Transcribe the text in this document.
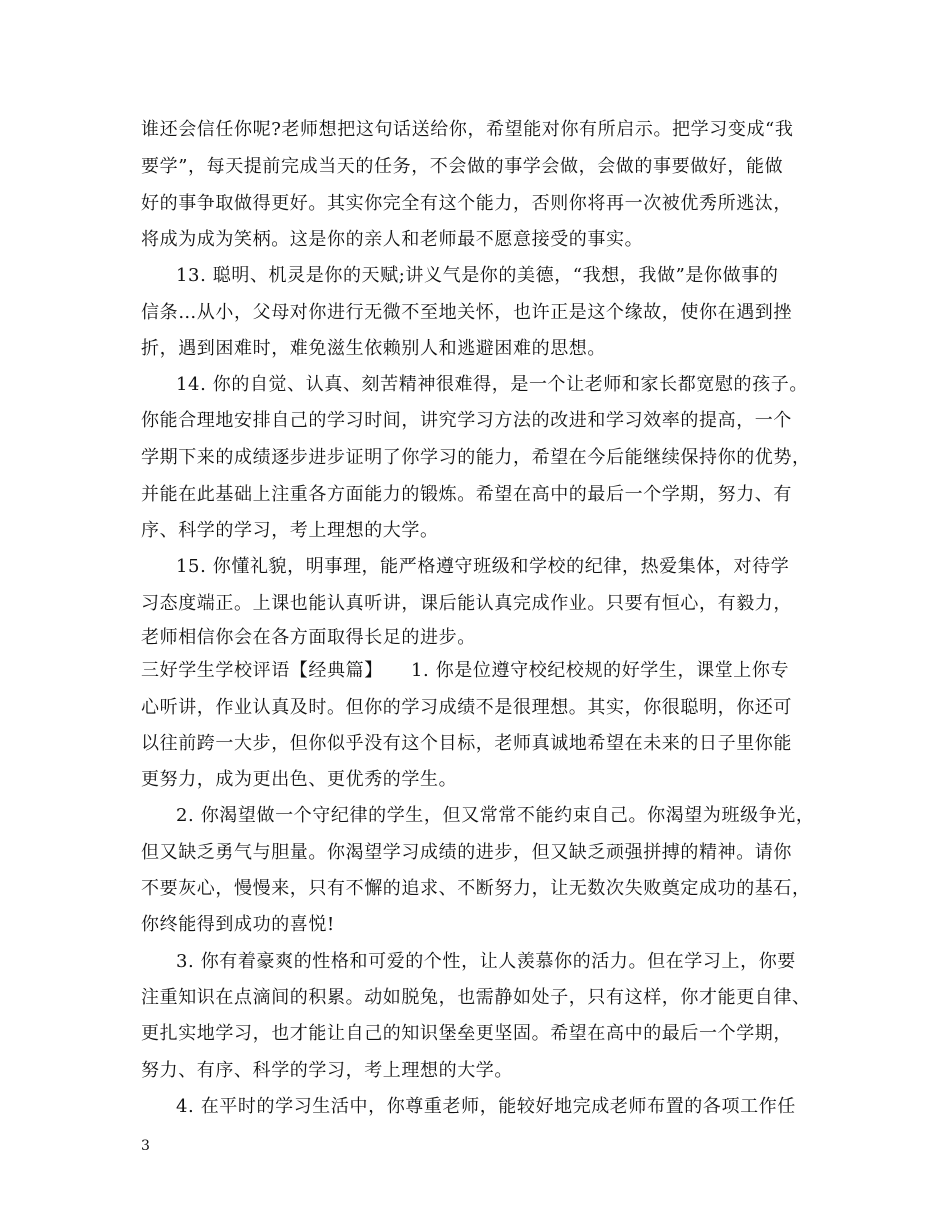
谁还会信任你呢?老师想把这句话送给你，希望能对你有所启示。把学习变成“我
要学”，每天提前完成当天的任务，不会做的事学会做，会做的事要做好，能做
好的事争取做得更好。其实你完全有这个能力，否则你将再一次被优秀所逃汰，
将成为成为笑柄。这是你的亲人和老师最不愿意接受的事实。
13. 聪明、机灵是你的天赋;讲义气是你的美德，“我想，我做”是你做事的
信条…从小，父母对你进行无微不至地关怀，也许正是这个缘故，使你在遇到挫
折，遇到困难时，难免滋生依赖别人和逃避困难的思想。
14. 你的自觉、认真、刻苦精神很难得，是一个让老师和家长都宽慰的孩子。
你能合理地安排自己的学习时间，讲究学习方法的改进和学习效率的提高，一个
学期下来的成绩逐步进步证明了你学习的能力，希望在今后能继续保持你的优势，
并能在此基础上注重各方面能力的锻炼。希望在高中的最后一个学期，努力、有
序、科学的学习，考上理想的大学。
15. 你懂礼貌，明事理，能严格遵守班级和学校的纪律，热爱集体，对待学
习态度端正。上课也能认真听讲，课后能认真完成作业。只要有恒心，有毅力，
老师相信你会在各方面取得长足的进步。
三好学生学校评语【经典篇】　　1. 你是位遵守校纪校规的好学生，课堂上你专
心听讲，作业认真及时。但你的学习成绩不是很理想。其实，你很聪明，你还可
以往前跨一大步，但你似乎没有这个目标，老师真诚地希望在未来的日子里你能
更努力，成为更出色、更优秀的学生。
2. 你渴望做一个守纪律的学生，但又常常不能约束自己。你渴望为班级争光，
但又缺乏勇气与胆量。你渴望学习成绩的进步，但又缺乏顽强拼搏的精神。请你
不要灰心，慢慢来，只有不懈的追求、不断努力，让无数次失败奠定成功的基石，
你终能得到成功的喜悦!
3. 你有着豪爽的性格和可爱的个性，让人羡慕你的活力。但在学习上，你要
注重知识在点滴间的积累。动如脱兔，也需静如处子，只有这样，你才能更自律、
更扎实地学习，也才能让自己的知识堡垒更坚固。希望在高中的最后一个学期，
努力、有序、科学的学习，考上理想的大学。
4. 在平时的学习生活中，你尊重老师，能较好地完成老师布置的各项工作任
3
